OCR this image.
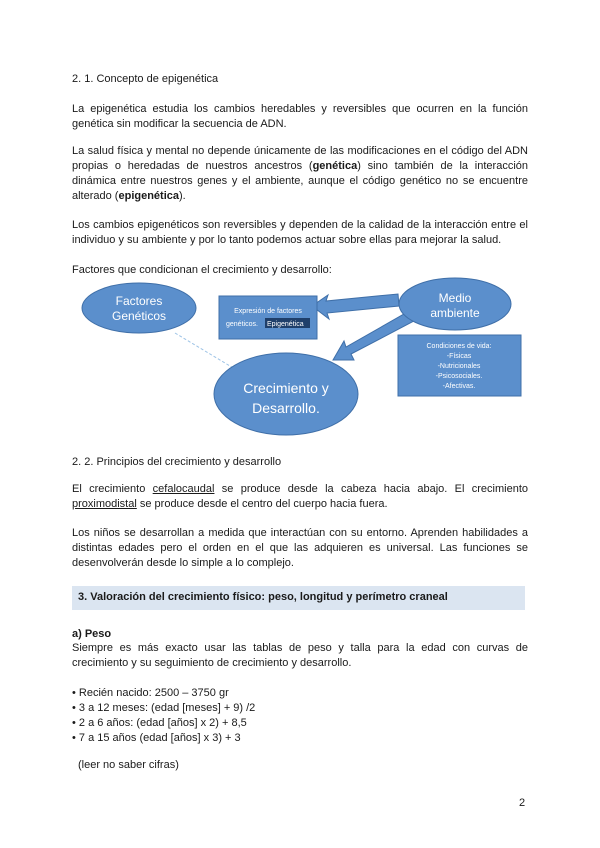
2. 1. Concepto de epigenética

La epigenética estudia los cambios heredables y reversibles que ocurren en la función genética sin modificar la secuencia de ADN.

La salud física y mental no depende únicamente de las modificaciones en el código del ADN propias o heredadas de nuestros ancestros (genética) sino también de la interacción dinámica entre nuestros genes y el ambiente, aunque el código genético no se encuentre alterado (epigenética).

Los cambios epigenéticos son reversibles y dependen de la calidad de la interacción entre el individuo y su ambiente y por lo tanto podemos actuar sobre ellas para mejorar la salud.

Factores que condicionan el crecimiento y desarrollo:

Factores
Genéticos	Expresión de factores
genéticos. Epigenética
Medio
ambiente
Condiciones de vida:
-Físicas
-Nutricionales
-Psicosociales.
-Afectivas.
Crecimiento y
Desarrollo.

2. 2. Principios del crecimiento y desarrollo

El crecimiento cefalocaudal se produce desde la cabeza hacia abajo. El crecimiento proximodistal se produce desde el centro del cuerpo hacia fuera.

Los niños se desarrollan a medida que interactúan con su entorno. Aprenden habilidades a distintas edades pero el orden en el que las adquieren es universal. Las funciones se desenvolverán desde lo simple a lo complejo.

3. Valoración del crecimiento físico: peso, longitud y perímetro craneal

a) Peso

Siempre es más exacto usar las tablas de peso y talla para la edad con curvas de crecimiento y su seguimiento de crecimiento y desarrollo.

• Recién nacido: 2500 – 3750 gr
• 3 a 12 meses: (edad [meses] + 9) /2
• 2 a 6 años: (edad [años] x 2) + 8,5
• 7 a 15 años (edad [años] x 3) + 3

(leer no saber cifras)

2
